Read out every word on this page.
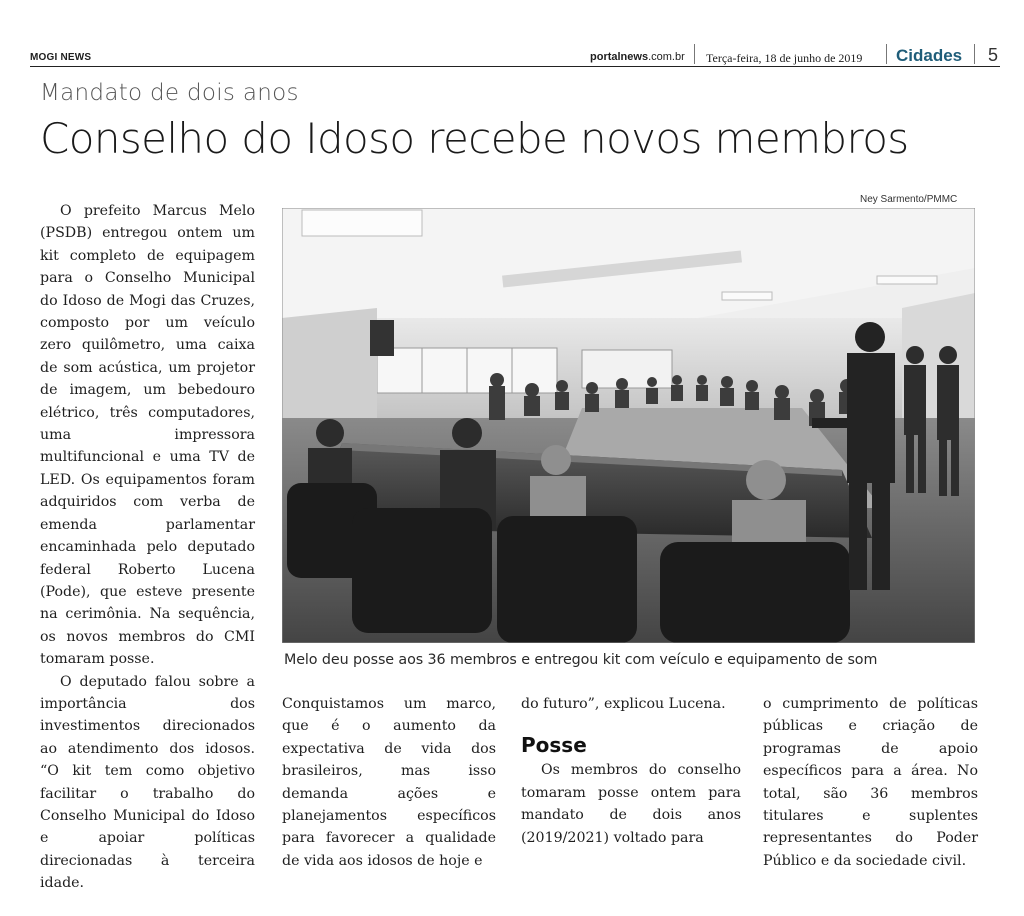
MOGI NEWS	portalnews.com.br Terça-feira, 18 de junho de 2019 Cidades 5
Mandato de dois anos
Conselho do Idoso recebe novos membros

O prefeito Marcus Melo (PSDB) entregou ontem um kit completo de equipagem para o Conselho Municipal do Idoso de Mogi das Cruzes, composto por um veículo zero quilômetro, uma caixa de som acústica, um projetor de imagem, um bebedouro elétrico, três computadores, uma impressora multifuncional e uma TV de LED. Os equipamentos foram adquiridos com verba de emenda parlamentar encaminhada pelo deputado federal Roberto Lucena (Pode), que esteve presente na cerimônia. Na sequência, os novos membros do CMI tomaram posse.

O deputado falou sobre a importância dos investimentos direcionados ao atendimento dos idosos. “O kit tem como objetivo facilitar o trabalho do Conselho Municipal do Idoso e apoiar políticas direcionadas à terceira idade.

Ney Sarmento/PMMC
Melo deu posse aos 36 membros e entregou kit com veículo e equipamento de som

Conquistamos um marco, que é o aumento da expectativa de vida dos brasileiros, mas isso demanda ações e planejamentos específicos para favorecer a qualidade de vida aos idosos de hoje e

do futuro”, explicou Lucena.

Posse

Os membros do conselho tomaram posse ontem para mandato de dois anos (2019/2021) voltado para

o cumprimento de políticas públicas e criação de programas de apoio específicos para a área. No total, são 36 membros titulares e suplentes representantes do Poder Público e da sociedade civil.
